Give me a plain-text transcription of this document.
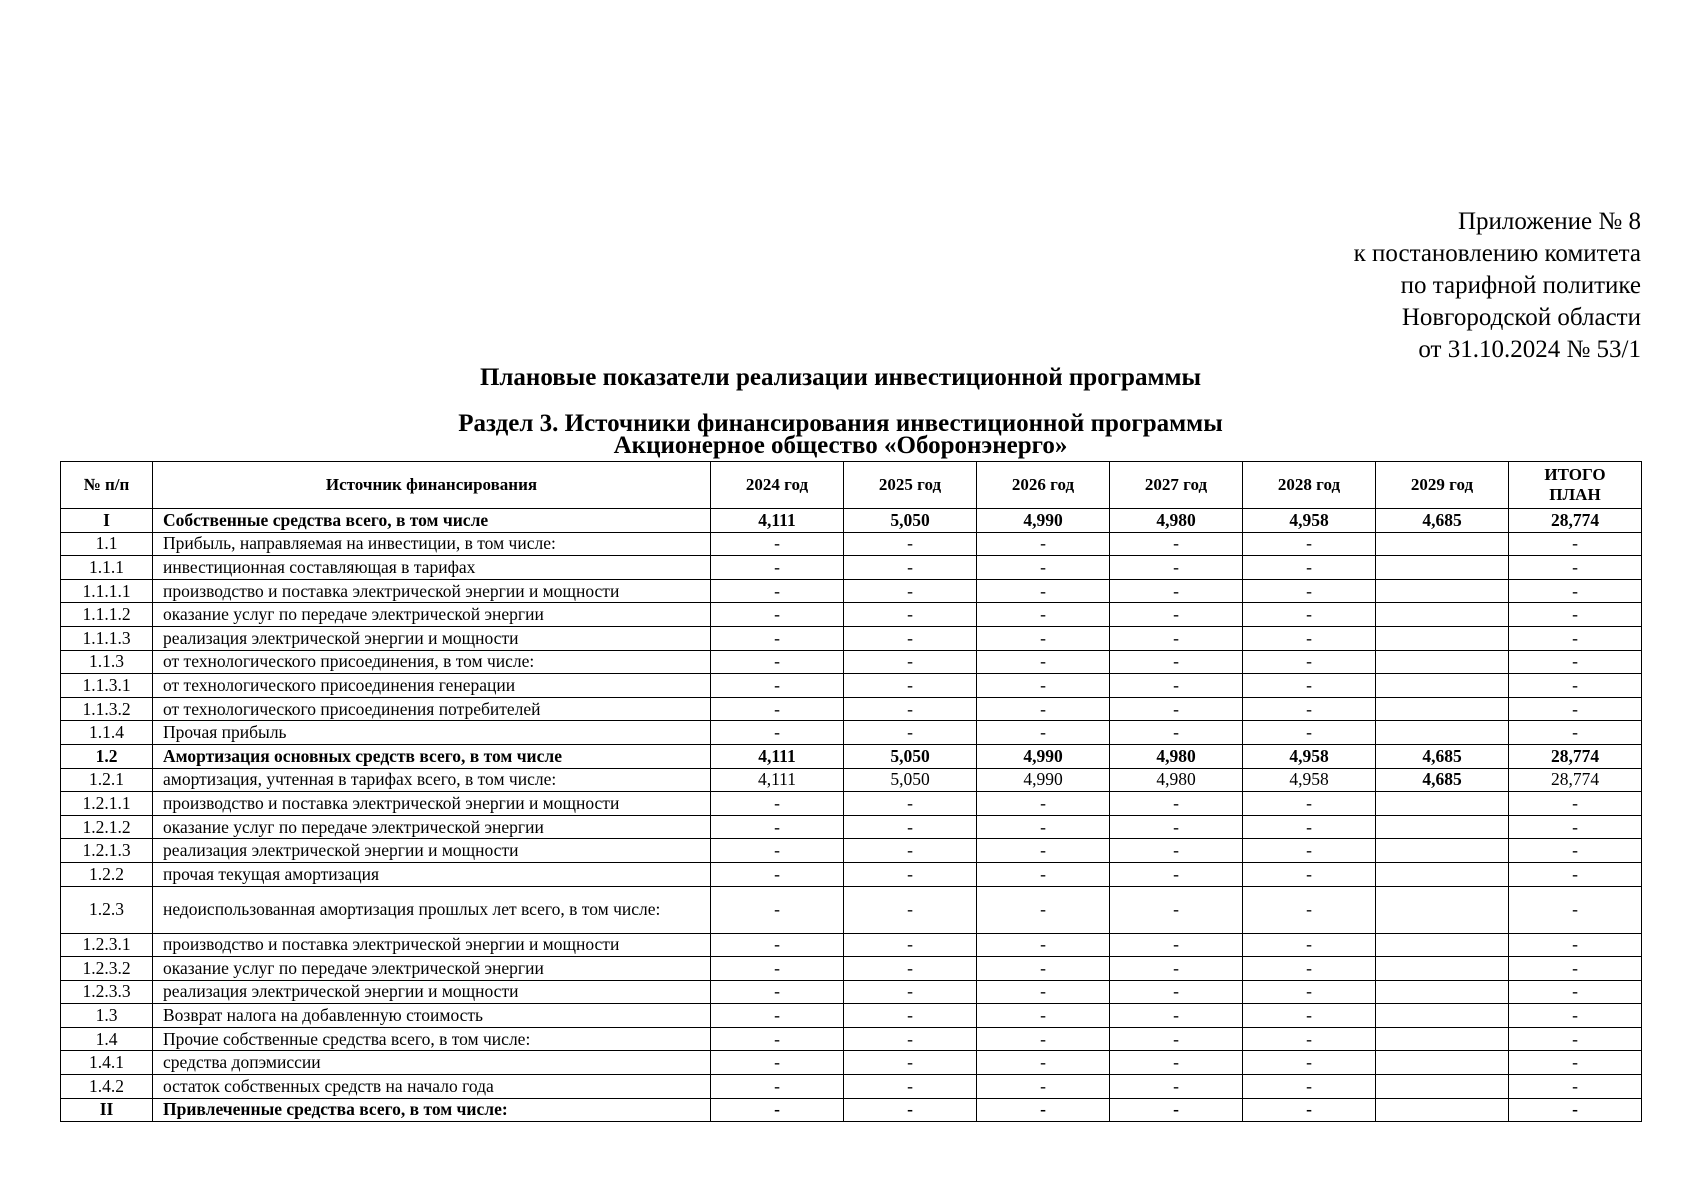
Приложение № 8
к постановлению комитета
по тарифной политике
Новгородской области
от 31.10.2024 № 53/1
Плановые показатели реализации инвестиционной программы
Раздел 3. Источники финансирования инвестиционной программы
Акционерное общество «Оборонэнерго»
№ п/п	Источник финансирования	2024 год	2025 год	2026 год	2027 год	2028 год	2029 год	ИТОГО
ПЛАН

I	Собственные средства всего, в том числе	4,111	5,050	4,990	4,980	4,958	4,685	28,774
1.1	Прибыль, направляемая на инвестиции, в том числе:	-	-	-	-	-		-
1.1.1	инвестиционная составляющая в тарифах	-	-	-	-	-		-
1.1.1.1	производство и поставка электрической энергии и мощности	-	-	-	-	-		-
1.1.1.2	оказание услуг по передаче электрической энергии	-	-	-	-	-		-
1.1.1.3	реализация электрической энергии и мощности	-	-	-	-	-		-
1.1.3	от технологического присоединения, в том числе:	-	-	-	-	-		-
1.1.3.1	от технологического присоединения генерации	-	-	-	-	-		-
1.1.3.2	от технологического присоединения потребителей	-	-	-	-	-		-
1.1.4	Прочая прибыль	-	-	-	-	-		-
1.2	Амортизация основных средств всего, в том числе	4,111	5,050	4,990	4,980	4,958	4,685	28,774
1.2.1	амортизация, учтенная в тарифах всего, в том числе:	4,111	5,050	4,990	4,980	4,958	4,685	28,774
1.2.1.1	производство и поставка электрической энергии и мощности	-	-	-	-	-		-
1.2.1.2	оказание услуг по передаче электрической энергии	-	-	-	-	-		-
1.2.1.3	реализация электрической энергии и мощности	-	-	-	-	-		-
1.2.2	прочая текущая амортизация	-	-	-	-	-		-
1.2.3	недоиспользованная амортизация прошлых лет всего, в том числе:	-	-	-	-	-		-
1.2.3.1	производство и поставка электрической энергии и мощности	-	-	-	-	-		-
1.2.3.2	оказание услуг по передаче электрической энергии	-	-	-	-	-		-
1.2.3.3	реализация электрической энергии и мощности	-	-	-	-	-		-
1.3	Возврат налога на добавленную стоимость	-	-	-	-	-		-
1.4	Прочие собственные средства всего, в том числе:	-	-	-	-	-		-
1.4.1	средства допэмиссии	-	-	-	-	-		-
1.4.2	остаток собственных средств на начало года	-	-	-	-	-		-
II	Привлеченные средства всего, в том числе:	-	-	-	-	-		-
